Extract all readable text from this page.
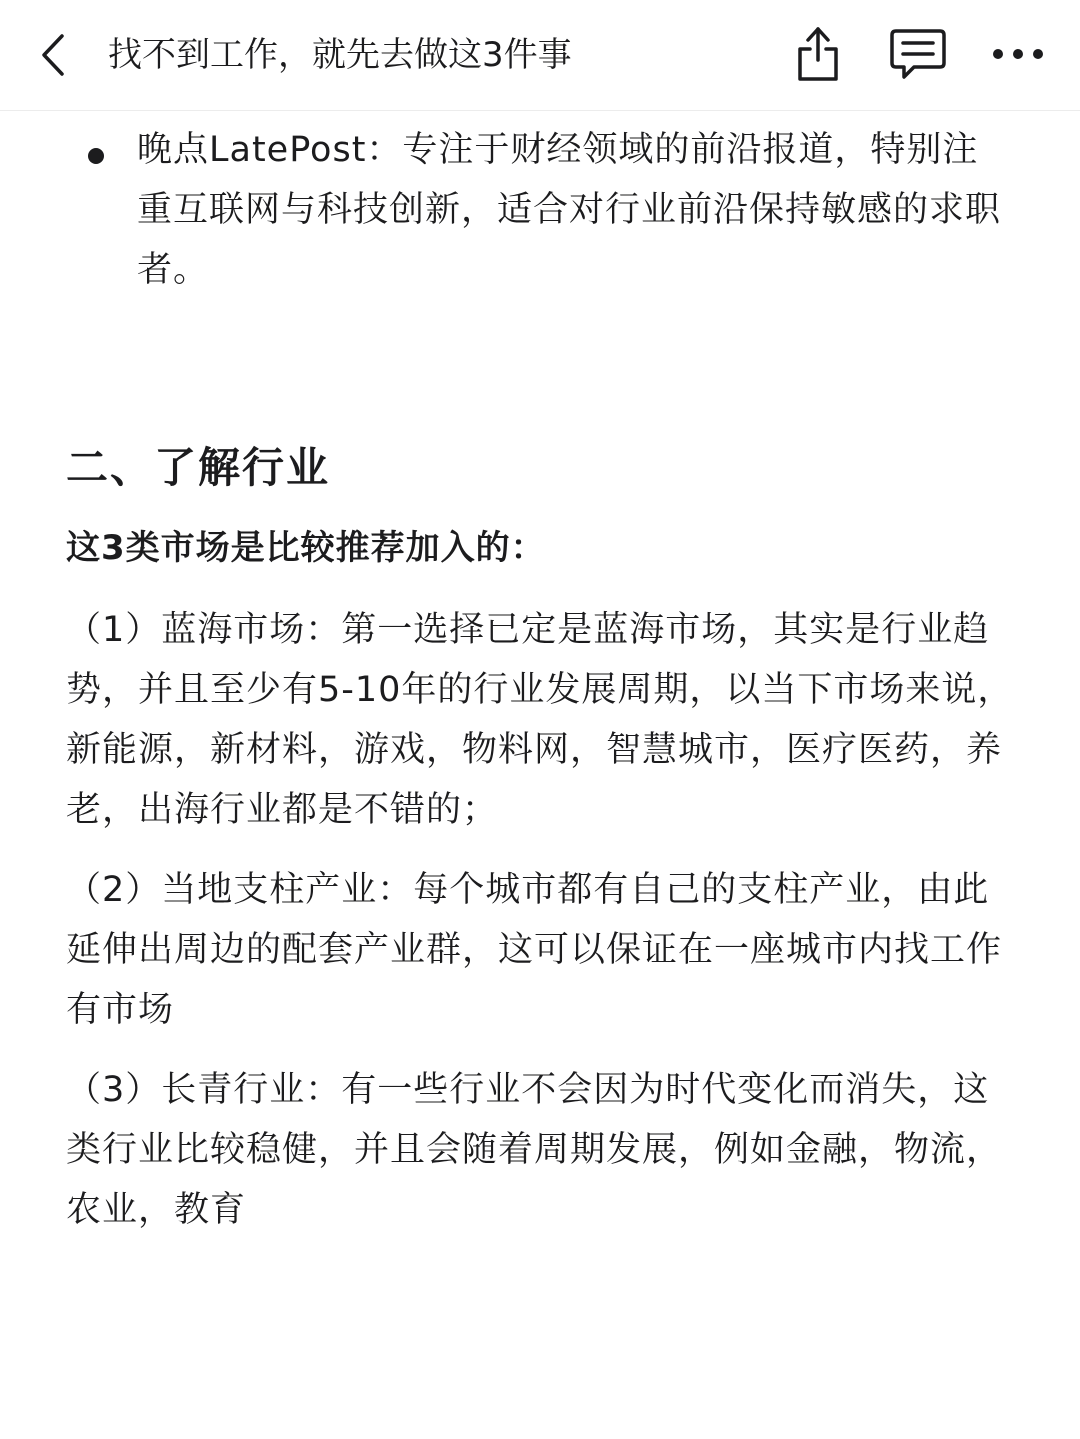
找不到工作，就先去做这3件事
晚点LatePost：专注于财经领域的前沿报道，特别注重互联网与科技创新，适合对行业前沿保持敏感的求职者。
二、了解行业
这3类市场是比较推荐加入的：
（1）蓝海市场：第一选择已定是蓝海市场，其实是行业趋势，并且至少有5-10年的行业发展周期，以当下市场来说，新能源，新材料，游戏，物料网，智慧城市，医疗医药，养老，出海行业都是不错的；
（2）当地支柱产业：每个城市都有自己的支柱产业，由此延伸出周边的配套产业群，这可以保证在一座城市内找工作有市场
（3）长青行业：有一些行业不会因为时代变化而消失，这类行业比较稳健，并且会随着周期发展，例如金融，物流，农业，教育
